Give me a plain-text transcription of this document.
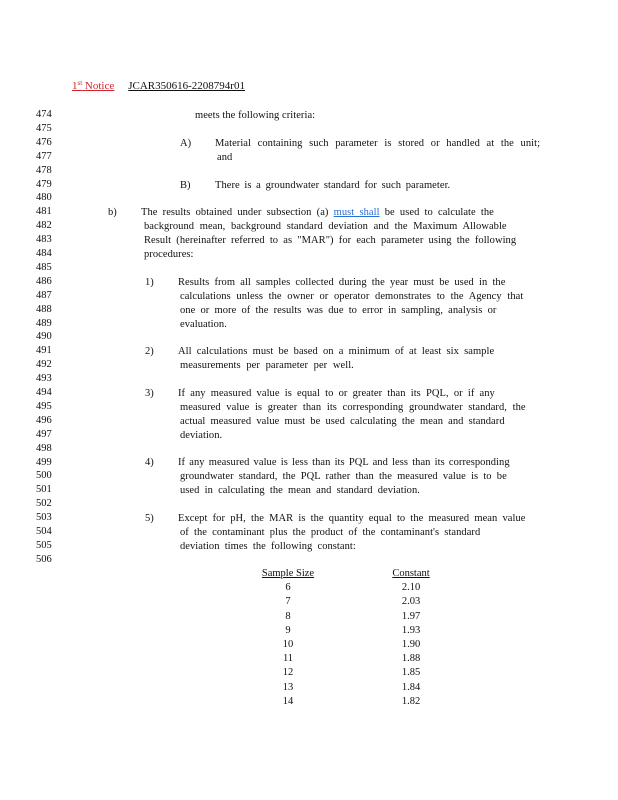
1st Notice JCAR350616-2208794r01
474
475
476
477
478
479
480
481
482
483
484
485
486
487
488
489
490
491
492
493
494
495
496
497
498
499
500
501
502
503
504
505
506
meets the following criteria:
A) Material containing such parameter is stored or handled at the unit;
and
B) There is a groundwater standard for such parameter.
b) The results obtained under subsection (a) must shall be used to calculate the
background mean, background standard deviation and the Maximum Allowable
Result (hereinafter referred to as "MAR") for each parameter using the following
procedures:
1) Results from all samples collected during the year must be used in the
calculations unless the owner or operator demonstrates to the Agency that
one or more of the results was due to error in sampling, analysis or
evaluation.
2) All calculations must be based on a minimum of at least six sample
measurements per parameter per well.
3) If any measured value is equal to or greater than its PQL, or if any
measured value is greater than its corresponding groundwater standard, the
actual measured value must be used calculating the mean and standard
deviation.
4) If any measured value is less than its PQL and less than its corresponding
groundwater standard, the PQL rather than the measured value is to be
used in calculating the mean and standard deviation.
5) Except for pH, the MAR is the quantity equal to the measured mean value
of the contaminant plus the product of the contaminant's standard
deviation times the following constant:
Sample Size	Constant
6	2.10
7	2.03
8	1.97
9	1.93
10	1.90
11	1.88
12	1.85
13	1.84
14	1.82
